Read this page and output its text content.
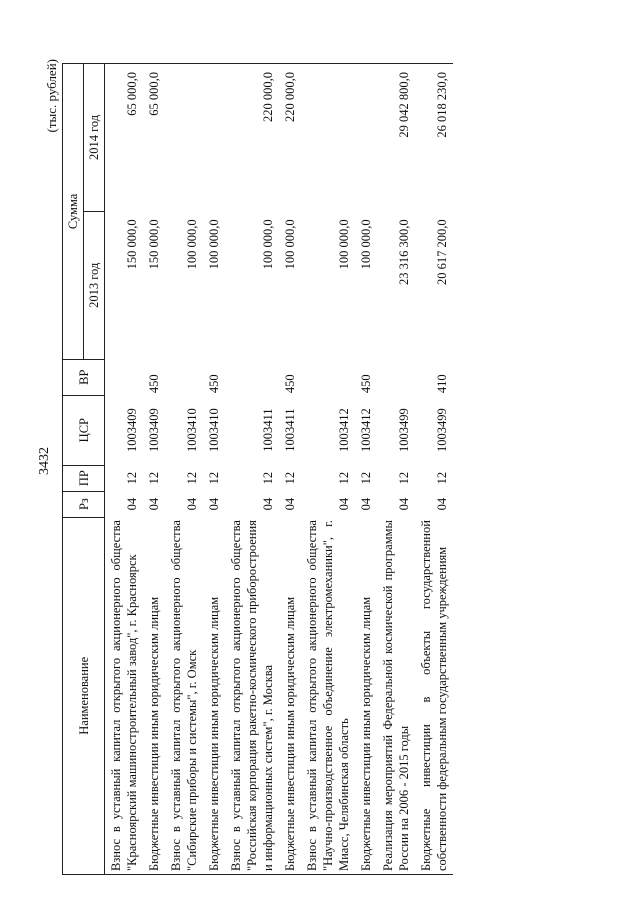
3432
(тыс. рублей)
Наименование	Рз	ПР	ЦСР	ВР	Сумма	
					2013 год	2014 год
Взнос в уставный капитал открытого акционерного общества "Красноярский машиностроительный завод", г. Красноярск	04	12	1003409		150 000,0	65 000,0
Бюджетные инвестиции иным юридическим лицам	04	12	1003409	450	150 000,0	65 000,0
Взнос в уставный капитал открытого акционерного общества "Сибирские приборы и системы", г. Омск	04	12	1003410		100 000,0	
Бюджетные инвестиции иным юридическим лицам	04	12	1003410	450	100 000,0	
Взнос в уставный капитал открытого акционерного общества "Российская корпорация ракетно-космического приборостроения и информационных систем", г. Москва	04	12	1003411		100 000,0	220 000,0
Бюджетные инвестиции иным юридическим лицам	04	12	1003411	450	100 000,0	220 000,0
Взнос в уставный капитал открытого акционерного общества "Научно-производственное объединение электромеханики", г. Миасс, Челябинская область	04	12	1003412		100 000,0	
Бюджетные инвестиции иным юридическим лицам	04	12	1003412	450	100 000,0	
Реализация мероприятий Федеральной космической программы России на 2006 - 2015 годы	04	12	1003499		23 316 300,0	29 042 800,0
Бюджетные инвестиции в объекты государственной собственности федеральным государственным учреждениям	04	12	1003499	410	20 617 200,0	26 018 230,0
